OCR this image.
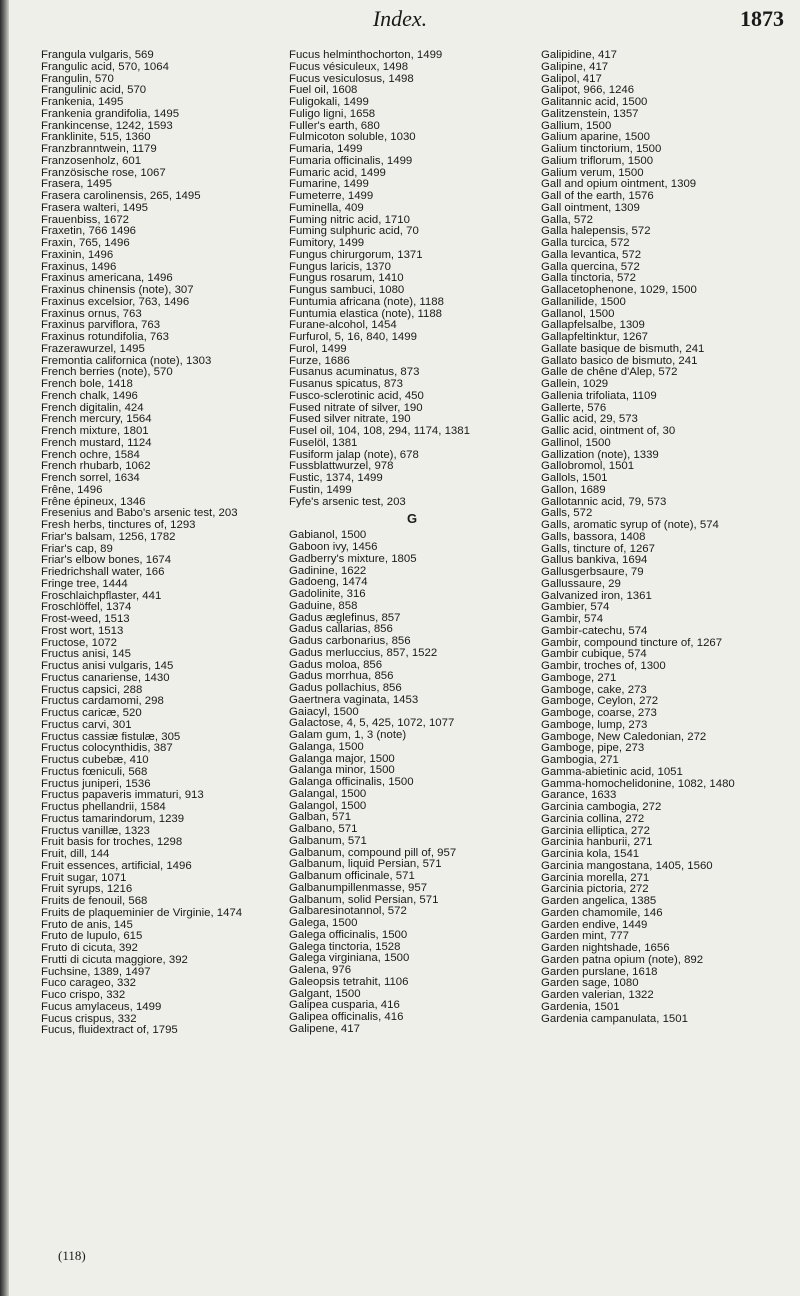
Index.	1873
Frangula vulgaris, 569
Frangulic acid, 570, 1064
Frangulin, 570
Frangulinic acid, 570
Frankenia, 1495
Frankenia grandifolia, 1495
Frankincense, 1242, 1593
Franklinite, 515, 1360
Franzbranntwein, 1179
Franzosenholz, 601
Französische rose, 1067
Frasera, 1495
Frasera carolinensis, 265, 1495
Frasera walteri, 1495
Frauenbiss, 1672
Fraxetin, 766 1496
Fraxin, 765, 1496
Fraxinin, 1496
Fraxinus, 1496
Fraxinus americana, 1496
Fraxinus chinensis (note), 307
Fraxinus excelsior, 763, 1496
Fraxinus ornus, 763
Fraxinus parviflora, 763
Fraxinus rotundifolia, 763
Frazerawurzel, 1495
Fremontia californica (note), 1303
French berries (note), 570
French bole, 1418
French chalk, 1496
French digitalin, 424
French mercury, 1564
French mixture, 1801
French mustard, 1124
French ochre, 1584
French rhubarb, 1062
French sorrel, 1634
Frêne, 1496
Frêne épineux, 1346
Fresenius and Babo's arsenic test, 203
Fresh herbs, tinctures of, 1293
Friar's balsam, 1256, 1782
Friar's cap, 89
Friar's elbow bones, 1674
Friedrichshall water, 166
Fringe tree, 1444
Froschlaichpflaster, 441
Froschlöffel, 1374
Frost-weed, 1513
Frost wort, 1513
Fructose, 1072
Fructus anisi, 145
Fructus anisi vulgaris, 145
Fructus canariense, 1430
Fructus capsici, 288
Fructus cardamomi, 298
Fructus caricæ, 520
Fructus carvi, 301
Fructus cassiæ fistulæ, 305
Fructus colocynthidis, 387
Fructus cubebæ, 410
Fructus fœniculi, 568
Fructus juniperi, 1536
Fructus papaveris immaturi, 913
Fructus phellandrii, 1584
Fructus tamarindorum, 1239
Fructus vanillæ, 1323
Fruit basis for troches, 1298
Fruit, dill, 144
Fruit essences, artificial, 1496
Fruit sugar, 1071
Fruit syrups, 1216
Fruits de fenouil, 568
Fruits de plaqueminier de Virginie, 1474
Fruto de anis, 145
Fruto de lupulo, 615
Fruto di cicuta, 392
Frutti di cicuta maggiore, 392
Fuchsine, 1389, 1497
Fuco carageo, 332
Fuco crispo, 332
Fucus amylaceus, 1499
Fucus crispus, 332
Fucus, fluidextract of, 1795
Fucus helminthochorton, 1499
Fucus vésiculeux, 1498
Fucus vesiculosus, 1498
Fuel oil, 1608
Fuligokali, 1499
Fuligo ligni, 1658
Fuller's earth, 680
Fulmicoton soluble, 1030
Fumaria, 1499
Fumaria officinalis, 1499
Fumaric acid, 1499
Fumarine, 1499
Fumeterre, 1499
Fuminella, 409
Fuming nitric acid, 1710
Fuming sulphuric acid, 70
Fumitory, 1499
Fungus chirurgorum, 1371
Fungus laricis, 1370
Fungus rosarum, 1410
Fungus sambuci, 1080
Funtumia africana (note), 1188
Funtumia elastica (note), 1188
Furane-alcohol, 1454
Furfurol, 5, 16, 840, 1499
Furol, 1499
Furze, 1686
Fusanus acuminatus, 873
Fusanus spicatus, 873
Fusco-sclerotinic acid, 450
Fused nitrate of silver, 190
Fused silver nitrate, 190
Fusel oil, 104, 108, 294, 1174, 1381
Fuselöl, 1381
Fusiform jalap (note), 678
Fussblattwurzel, 978
Fustic, 1374, 1499
Fustin, 1499
Fyfe's arsenic test, 203
G
Gabianol, 1500
Gaboon ivy, 1456
Gadberry's mixture, 1805
Gadinine, 1622
Gadoeng, 1474
Gadolinite, 316
Gaduine, 858
Gadus æglefinus, 857
Gadus callarias, 856
Gadus carbonarius, 856
Gadus merluccius, 857, 1522
Gadus moloa, 856
Gadus morrhua, 856
Gadus pollachius, 856
Gaertnera vaginata, 1453
Gaiacyl, 1500
Galactose, 4, 5, 425, 1072, 1077
Galam gum, 1, 3 (note)
Galanga, 1500
Galanga major, 1500
Galanga minor, 1500
Galanga officinalis, 1500
Galangal, 1500
Galangol, 1500
Galban, 571
Galbano, 571
Galbanum, 571
Galbanum, compound pill of, 957
Galbanum, liquid Persian, 571
Galbanum officinale, 571
Galbanumpillenmasse, 957
Galbanum, solid Persian, 571
Galbaresinotannol, 572
Galega, 1500
Galega officinalis, 1500
Galega tinctoria, 1528
Galega virginiana, 1500
Galena, 976
Galeopsis tetrahit, 1106
Galgant, 1500
Galipea cusparia, 416
Galipea officinalis, 416
Galipene, 417
Galipidine, 417
Galipine, 417
Galipol, 417
Galipot, 966, 1246
Galitannic acid, 1500
Galitzenstein, 1357
Gallium, 1500
Galium aparine, 1500
Galium tinctorium, 1500
Galium triflorum, 1500
Galium verum, 1500
Gall and opium ointment, 1309
Gall of the earth, 1576
Gall ointment, 1309
Galla, 572
Galla halepensis, 572
Galla turcica, 572
Galla levantica, 572
Galla quercina, 572
Galla tinctoria, 572
Gallacetophenone, 1029, 1500
Gallanilide, 1500
Gallanol, 1500
Gallapfelsalbe, 1309
Gallapfeltinktur, 1267
Gallate basique de bismuth, 241
Gallato basico de bismuto, 241
Galle de chêne d'Alep, 572
Gallein, 1029
Gallenia trifoliata, 1109
Gallerte, 576
Gallic acid, 29, 573
Gallic acid, ointment of, 30
Gallinol, 1500
Gallization (note), 1339
Gallobromol, 1501
Gallols, 1501
Gallon, 1689
Gallotannic acid, 79, 573
Galls, 572
Galls, aromatic syrup of (note), 574
Galls, bassora, 1408
Galls, tincture of, 1267
Gallus bankiva, 1694
Gallusgerbsaure, 79
Gallussaure, 29
Galvanized iron, 1361
Gambier, 574
Gambir, 574
Gambir-catechu, 574
Gambir, compound tincture of, 1267
Gambir cubique, 574
Gambir, troches of, 1300
Gamboge, 271
Gamboge, cake, 273
Gamboge, Ceylon, 272
Gamboge, coarse, 273
Gamboge, lump, 273
Gamboge, New Caledonian, 272
Gamboge, pipe, 273
Gambogia, 271
Gamma-abietinic acid, 1051
Gamma-homochelidonine, 1082, 1480
Garance, 1633
Garcinia cambogia, 272
Garcinia collina, 272
Garcinia elliptica, 272
Garcinia hanburii, 271
Garcinia kola, 1541
Garcinia mangostana, 1405, 1560
Garcinia morella, 271
Garcinia pictoria, 272
Garden angelica, 1385
Garden chamomile, 146
Garden endive, 1449
Garden mint, 777
Garden nightshade, 1656
Garden patna opium (note), 892
Garden purslane, 1618
Garden sage, 1080
Garden valerian, 1322
Gardenia, 1501
Gardenia campanulata, 1501
(118)
